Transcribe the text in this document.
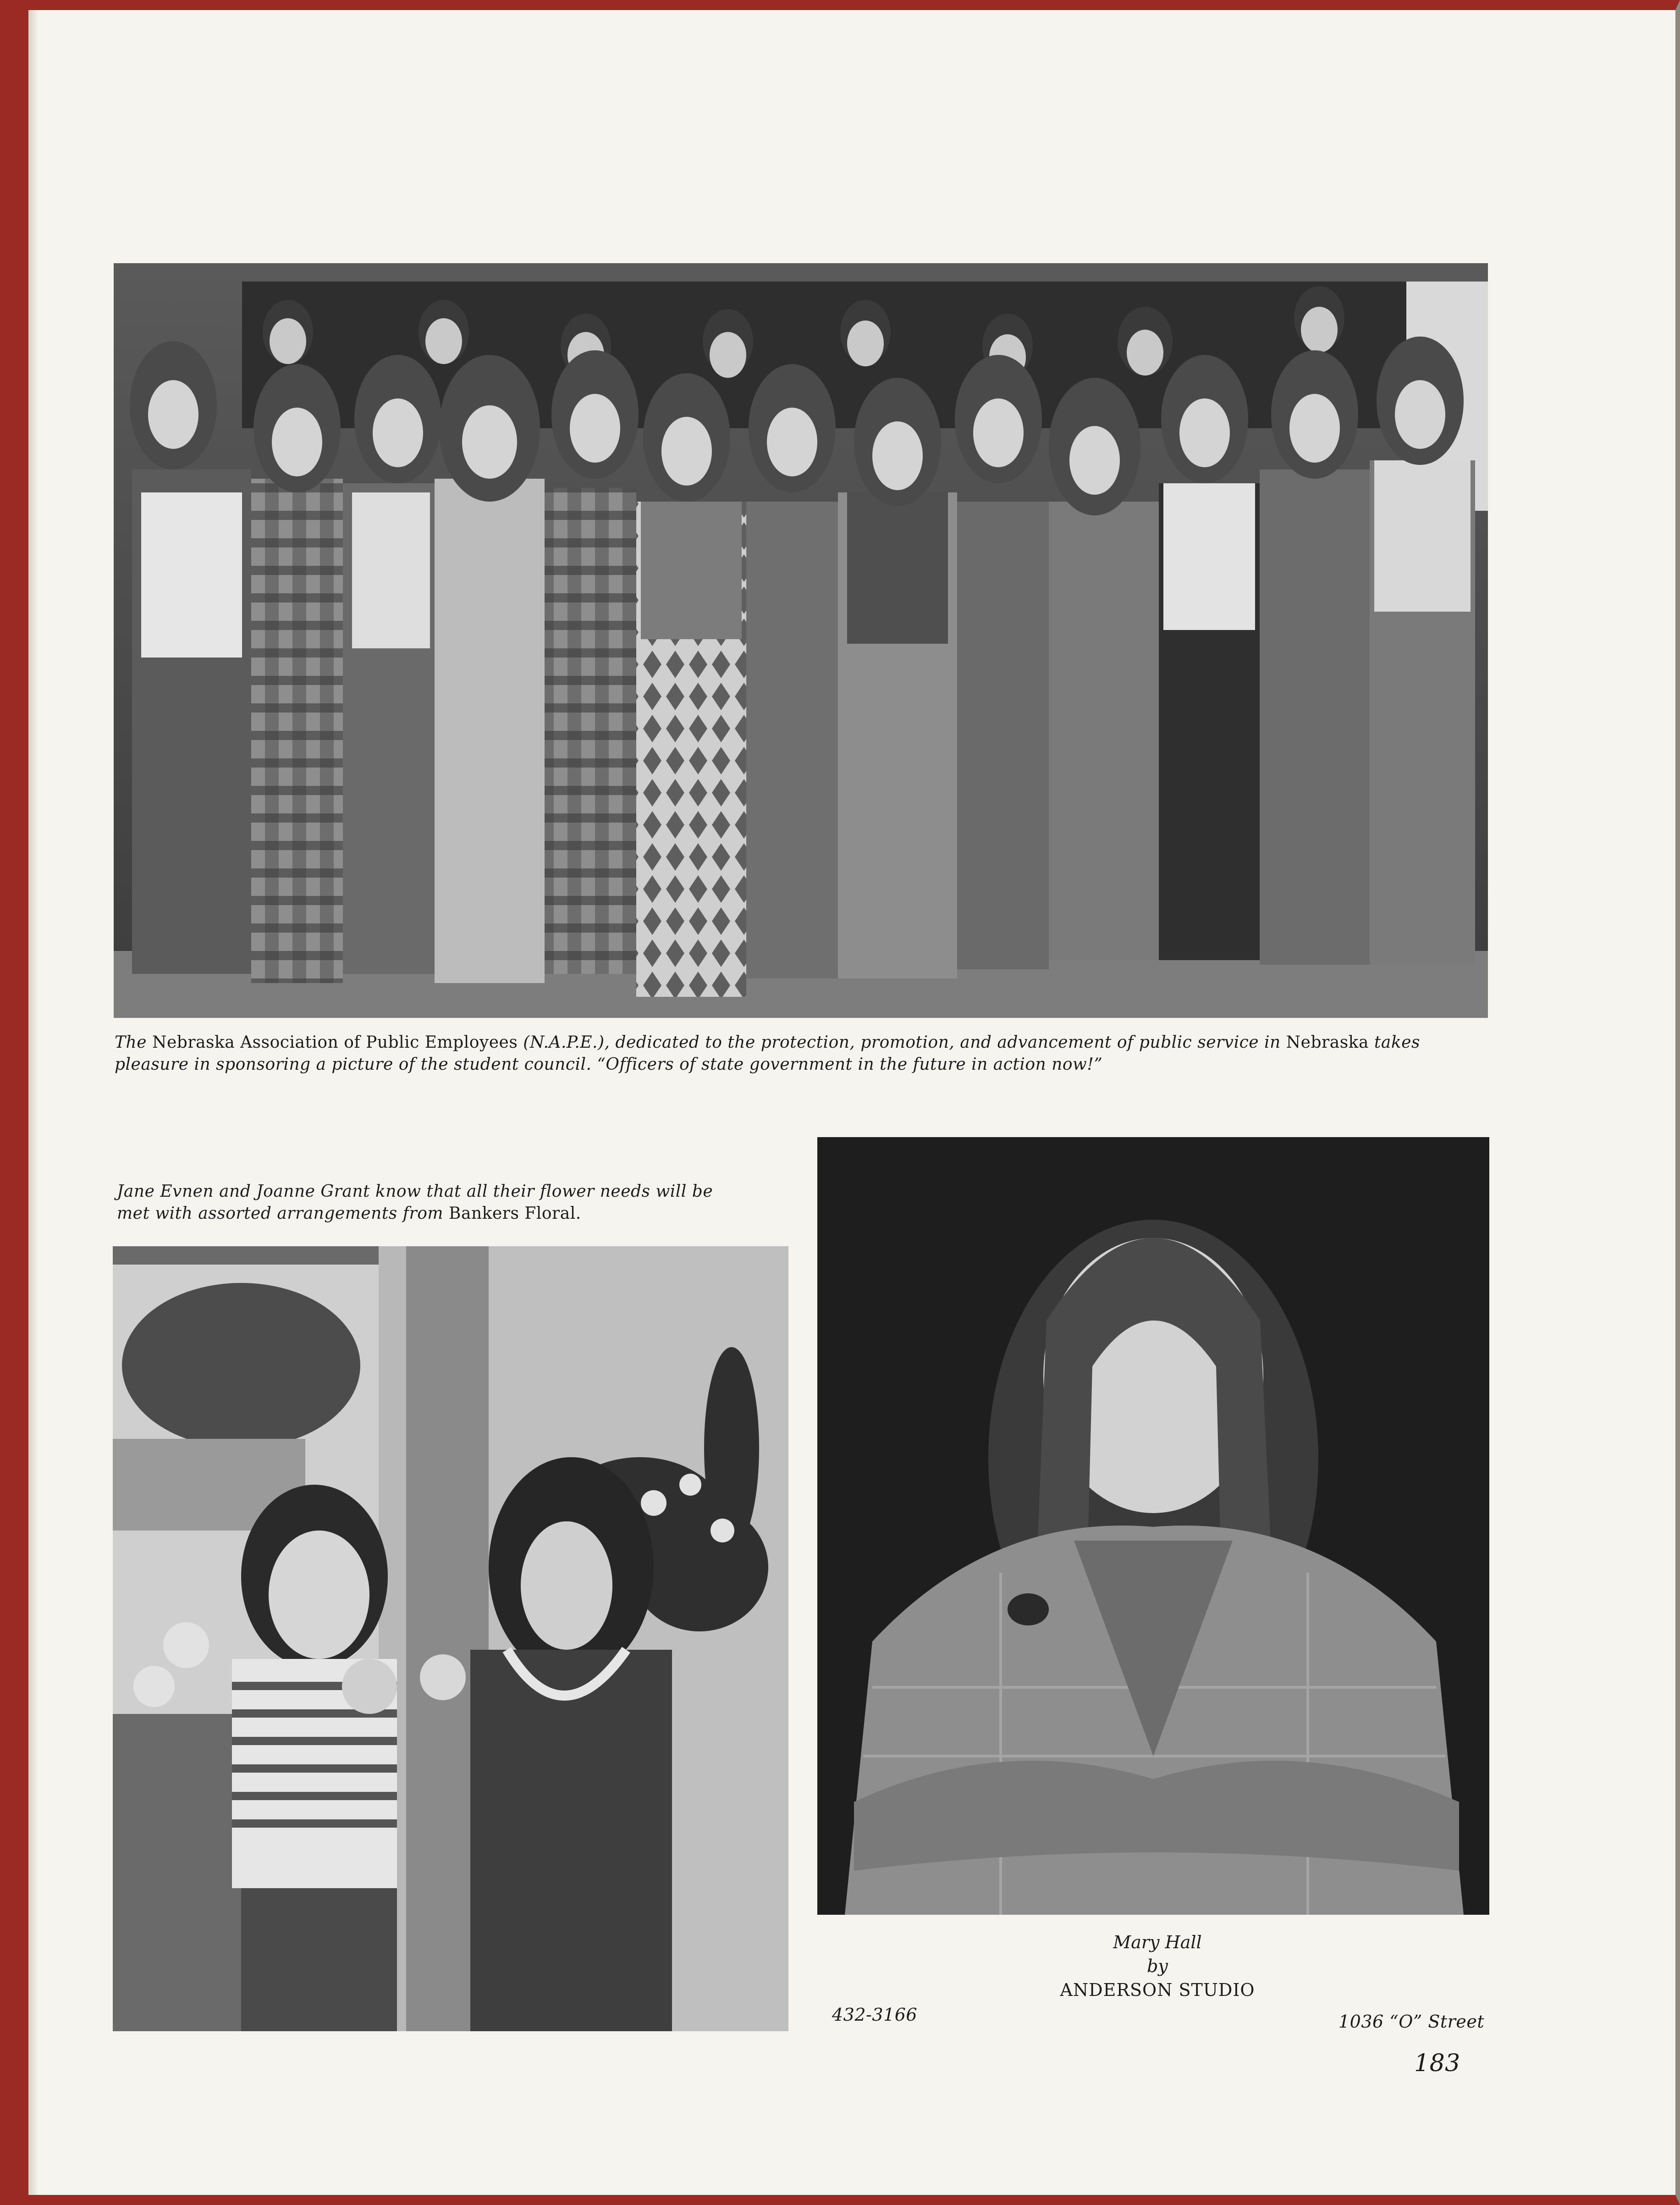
The Nebraska Association of Public Employees (N.A.P.E.), dedicated to the protection, promotion, and advancement of public service in Nebraska takes
pleasure in sponsoring a picture of the student council. “Officers of state government in the future in action now!”
Jane Evnen and Joanne Grant know that all their flower needs will be
met with assorted arrangements from Bankers Floral.
Mary Hall
by
ANDERSON STUDIO
432-3166	1036 “O” Street
183
